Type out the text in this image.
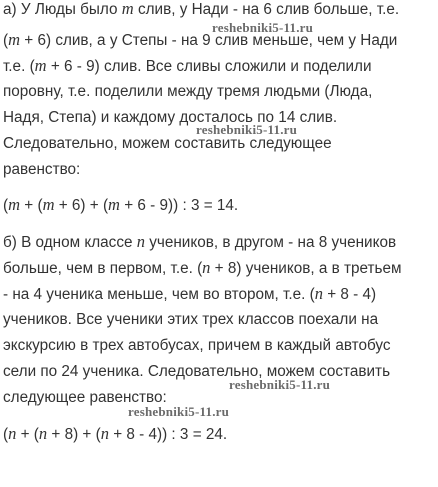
а) У Люды было m слив, у Нади - на 6 слив больше, т.е.
reshebniki5-11.ru
(m + 6) слив, а у Степы - на 9 слив меньше, чем у Нади
т.е. (m + 6 - 9) слив. Все сливы сложили и поделили
поровну, т.е. поделили между тремя людьми (Люда,
Надя, Степа) и каждому досталось по 14 слив.
reshebniki5-11.ru
Следовательно, можем составить следующее
равенство:
(m + (m + 6) + (m + 6 - 9)) : 3 = 14.
б) В одном классе n учеников, в другом - на 8 учеников
больше, чем в первом, т.е. (n + 8) учеников, а в третьем
- на 4 ученика меньше, чем во втором, т.е. (n + 8 - 4)
учеников. Все ученики этих трех классов поехали на
экскурсию в трех автобусах, причем в каждый автобус
сели по 24 ученика. Следовательно, можем составить
reshebniki5-11.ru
следующее равенство:
reshebniki5-11.ru
(n + (n + 8) + (n + 8 - 4)) : 3 = 24.
